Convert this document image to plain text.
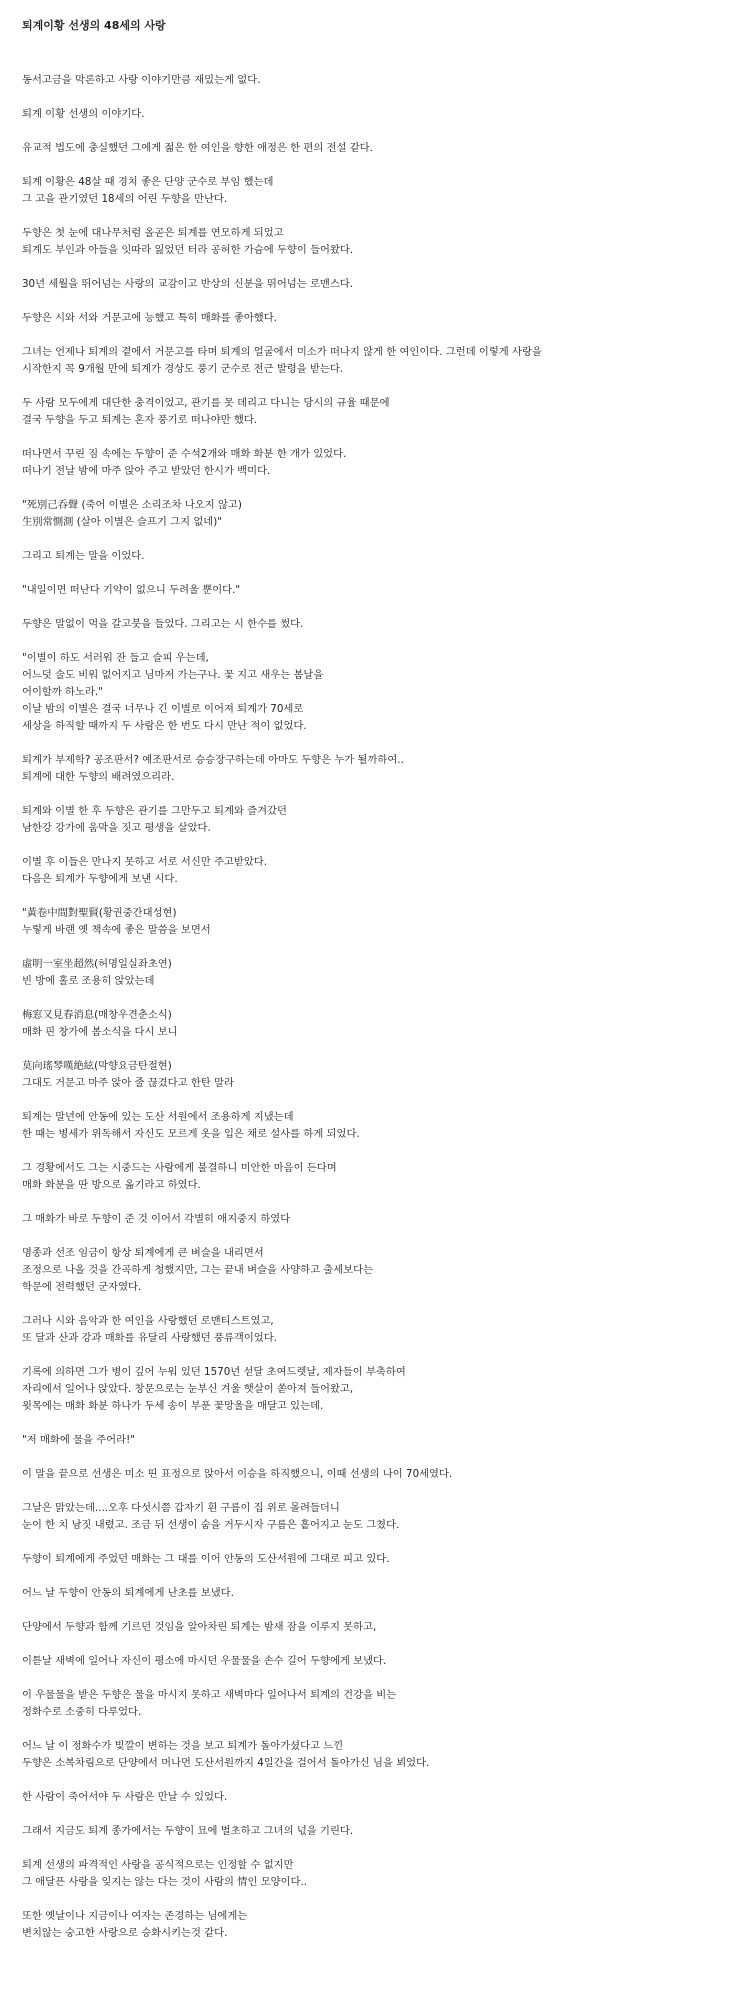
퇴계이황 선생의 48세의 사랑
동서고금을 막론하고 사랑 이야기만큼 재밌는게 없다.
퇴계 이황 선생의 이야기다.
유교적 법도에 충실했던 그에게 젊은 한 여인을 향한 애정은 한 편의 전설 같다.
퇴계 이황은 48살 때 경치 좋은 단양 군수로 부임 했는데
그 고을 관기였던 18세의 어린 두향을 만난다.
두향은 첫 눈에 대나무처럼 올곧은 퇴계를 연모하게 되었고
퇴계도 부인과 아들을 잇따라 잃었던 터라 공허한 가슴에 두향이 들어왔다.
30년 세월을 뛰어넘는 사랑의 교감이고 반상의 신분을 뛰어넘는 로맨스다.
두향은 시와 서와 거문고에 능했고 특히 매화를 좋아했다.
그녀는 언제나 퇴계의 곁에서 거문고를 타며 퇴계의 얼굴에서 미소가 떠나지 않게 한 여인이다. 그런데 이렇게 사랑을
시작한지 꼭 9개월 만에 퇴계가 경상도 풍기 군수로 전근 발령을 받는다.
두 사람 모두에게 대단한 충격이었고, 관기를 못 데리고 다니는 당시의 규율 때문에
결국 두향을 두고 퇴계는 혼자 풍기로 떠나야만 했다.
떠나면서 꾸린 짐 속에는 두향이 준 수석2개와 매화 화분 한 개가 있었다.
떠나기 전날 밤에 마주 앉아 주고 받았던 한시가 백미다.
"死別己呑聲 (죽어 이별은 소리조차 나오지 않고)
生別常惻測 (살아 이별은 슬프기 그지 없네)"
그리고 퇴계는 말을 이었다.
"내일이면 떠난다 기약이 없으니 두려울 뿐이다."
두향은 말없이 먹을 갈고붓을 들었다. 그리고는 시 한수를 썼다.
"이별이 하도 서러워 잔 들고 슬피 우는데,
어느덧 술도 비워 없어지고 님마저 가는구나. 꽃 지고 새우는 봄날을
어이할까 하노라."
이날 밤의 이별은 결국 너무나 긴 이별로 이어져 퇴계가 70세로
세상을 하직할 때까지 두 사람은 한 번도 다시 만난 적이 없었다.
퇴계가 부제학? 공조판서? 예조판서로 승승장구하는데 아마도 두향은 누가 될까하여..
퇴계에 대한 두향의 배려였으리라.
퇴계와 이별 한 후 두향은 관기를 그만두고 퇴계와 즐겨갔던
남한강 강가에 움막을 짓고 평생을 살았다.
이별 후 이들은 만나지 못하고 서로 서신만 주고받았다.
다음은 퇴계가 두향에게 보낸 시다.
"黃卷中間對聖賢(황권중간대성현)
누렇게 바랜 옛 책속에 좋은 말씀을 보면서
虛明一室坐超然(허명일실좌초연)
빈 방에 홀로 조용히 앉았는데
梅窓又見春消息(매창우견춘소식)
매화 핀 창가에 봄소식을 다시 보니
莫向瑤琴嘆絶絃(막향요금탄절현)
그대도 거문고 마주 앉아 줄 끊겼다고 한탄 말라
퇴계는 말년에 안동에 있는 도산 서원에서 조용하게 지냈는데
한 때는 병세가 위독해서 자신도 모르게 옷을 입은 채로 설사를 하게 되었다.
그 경황에서도 그는 시중드는 사람에게 불결하니 미안한 마음이 든다며
매화 화분을 딴 방으로 옮기라고 하였다.
그 매화가 바로 두향이 준 것 이어서 각별히 애지중지 하였다
명종과 선조 임금이 항상 퇴계에게 큰 벼슬을 내리면서
조정으로 나올 것을 간곡하게 청했지만, 그는 끝내 벼슬을 사양하고 출세보다는
학문에 전력했던 군자였다.
그러나 시와 음악과 한 여인을 사랑했던 로맨티스트였고,
또 달과 산과 강과 매화를 유달리 사랑했던 풍류객이었다.
기록에 의하면 그가 병이 깊어 누워 있던 1570년 섣달 초여드렛날, 제자들이 부축하여
자리에서 일어나 앉았다. 창문으로는 눈부신 겨울 햇살이 쏟아져 들어왔고,
윗목에는 매화 화분 하나가 두세 송이 부푼 꽃망울을 매달고 있는데.
"저 매화에 물을 주어라!"
이 말을 끝으로 선생은 미소 띤 표정으로 앉아서 이승을 하직했으니, 이때 선생의 나이 70세였다.
그날은 맑았는데....오후 다섯시쯤 갑자기 흰 구름이 집 위로 몰려들더니
눈이 한 치 남짓 내렸고. 조금 뒤 선생이 숨을 거두시자 구름은 흩어지고 눈도 그쳤다.
두향이 퇴계에게 주었던 매화는 그 대를 이어 안동의 도산서원에 그대로 피고 있다.
어느 날 두향이 안동의 퇴계에게 난초를 보냈다.
단양에서 두향과 함께 기르던 것임을 알아차린 퇴계는 밤새 잠을 이루지 못하고,
이튿날 새벽에 일어나 자신이 평소에 마시던 우물물을 손수 길어 두향에게 보냈다.
이 우물물을 받은 두향은 물을 마시지 못하고 새벽마다 일어나서 퇴계의 건강을 비는
정화수로 소중히 다루었다.
어느 날 이 정화수가 빛깔이 변하는 것을 보고 퇴계가 돌아가셨다고 느낀
두향은 소복차림으로 단양에서 머나먼 도산서원까지 4일간을 걸어서 돌아가신 님을 뵈었다.
한 사람이 죽어서야 두 사람은 만날 수 있었다.
그래서 지금도 퇴계 종가에서는 두향이 묘에 벌초하고 그녀의 넋을 기린다.
퇴계 선생의 파격적인 사랑을 공식적으로는 인정할 수 없지만
그 애달픈 사랑을 잊지는 않는 다는 것이 사람의 情인 모양이다..
또한 옛날이나 지금이나 여자는 존경하는 님에게는
변치않는 숭고한 사랑으로 승화시키는것 같다.
